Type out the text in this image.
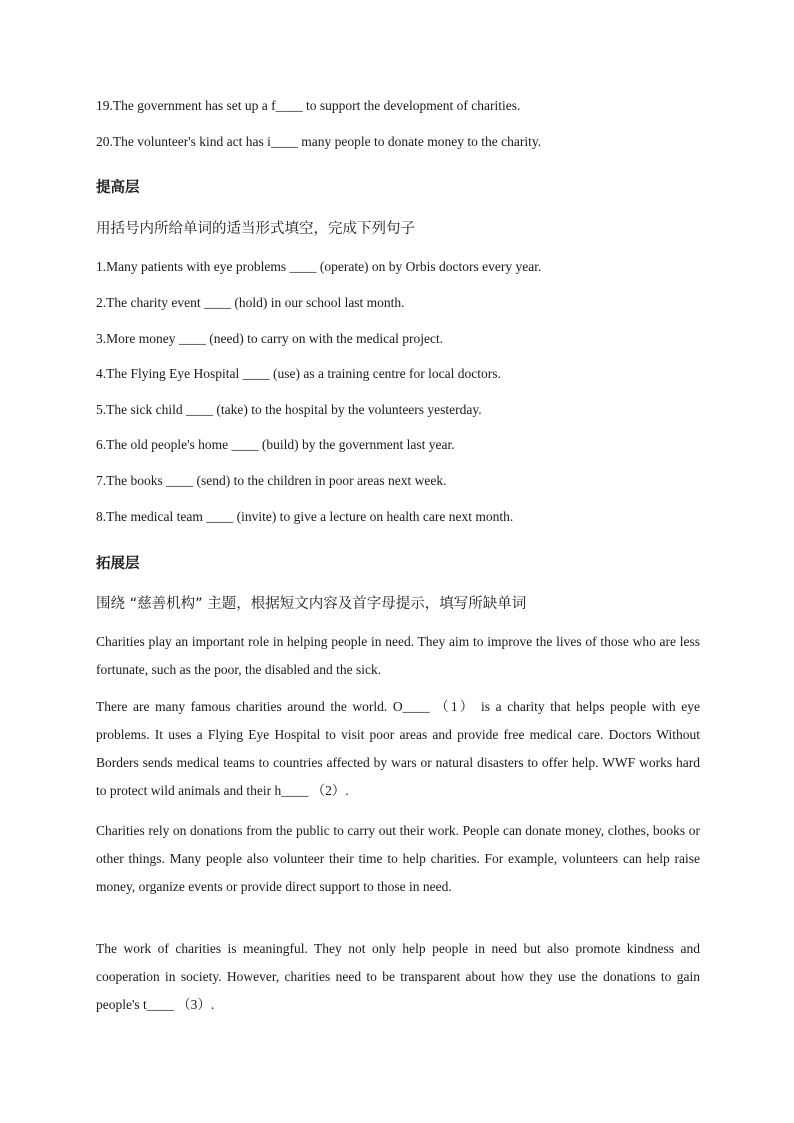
19.The government has set up a f____ to support the development of charities.
20.The volunteer's kind act has i____ many people to donate money to the charity.
提高层
用括号内所给单词的适当形式填空，完成下列句子
1.Many patients with eye problems ____ (operate) on by Orbis doctors every year.
2.The charity event ____ (hold) in our school last month.
3.More money ____ (need) to carry on with the medical project.
4.The Flying Eye Hospital ____ (use) as a training centre for local doctors.
5.The sick child ____ (take) to the hospital by the volunteers yesterday.
6.The old people's home ____ (build) by the government last year.
7.The books ____ (send) to the children in poor areas next week.
8.The medical team ____ (invite) to give a lecture on health care next month.
拓展层
围绕 “慈善机构” 主题，根据短文内容及首字母提示，填写所缺单词
Charities play an important role in helping people in need. They aim to improve the lives of those who are less fortunate, such as the poor, the disabled and the sick.
There are many famous charities around the world. O____ （1） is a charity that helps people with eye problems. It uses a Flying Eye Hospital to visit poor areas and provide free medical care. Doctors Without Borders sends medical teams to countries affected by wars or natural disasters to offer help. WWF works hard to protect wild animals and their h____ （2）.
Charities rely on donations from the public to carry out their work. People can donate money, clothes, books or other things. Many people also volunteer their time to help charities. For example, volunteers can help raise money, organize events or provide direct support to those in need.
The work of charities is meaningful. They not only help people in need but also promote kindness and cooperation in society. However, charities need to be transparent about how they use the donations to gain people's t____ （3）.
